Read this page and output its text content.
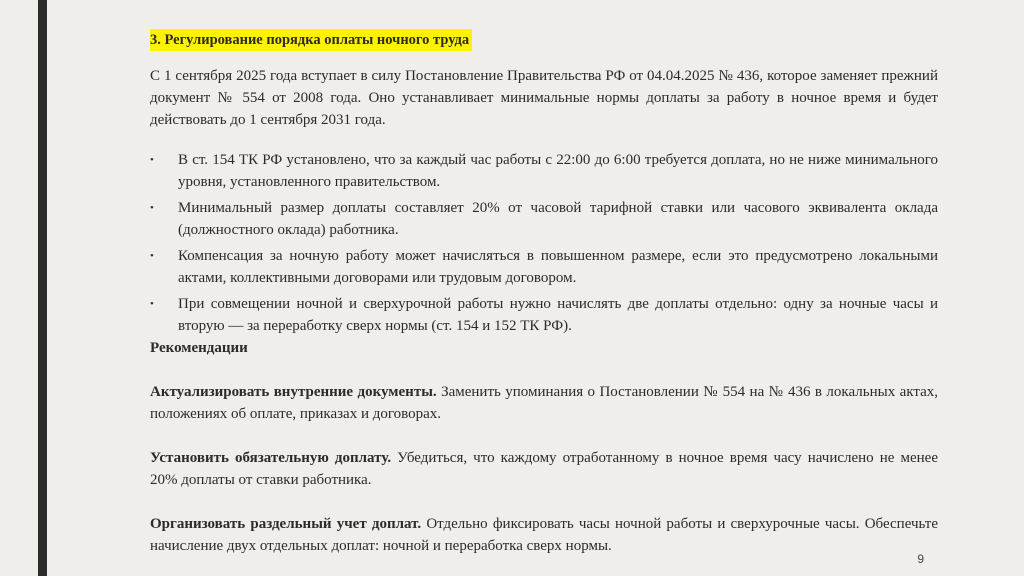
3. Регулирование порядка оплаты ночного труда

С 1 сентября 2025 года вступает в силу Постановление Правительства РФ от 04.04.2025 № 436, которое заменяет прежний документ № 554 от 2008 года. Оно устанавливает минимальные нормы доплаты за работу в ночное время и будет действовать до 1 сентября 2031 года.

• В ст. 154 ТК РФ установлено, что за каждый час работы с 22:00 до 6:00 требуется доплата, но не ниже минимального уровня, установленного правительством.
• Минимальный размер доплаты составляет 20% от часовой тарифной ставки или часового эквивалента оклада (должностного оклада) работника.
• Компенсация за ночную работу может начисляться в повышенном размере, если это предусмотрено локальными актами, коллективными договорами или трудовым договором.
• При совмещении ночной и сверхурочной работы нужно начислять две доплаты отдельно: одну за ночные часы и вторую — за переработку сверх нормы (ст. 154 и 152 ТК РФ).

Рекомендации

Актуализировать внутренние документы. Заменить упоминания о Постановлении № 554 на № 436 в локальных актах, положениях об оплате, приказах и договорах.

Установить обязательную доплату. Убедиться, что каждому отработанному в ночное время часу начислено не менее 20% доплаты от ставки работника.

Организовать раздельный учет доплат. Отдельно фиксировать часы ночной работы и сверхурочные часы. Обеспечьте начисление двух отдельных доплат: ночной и переработка сверх нормы.

9
